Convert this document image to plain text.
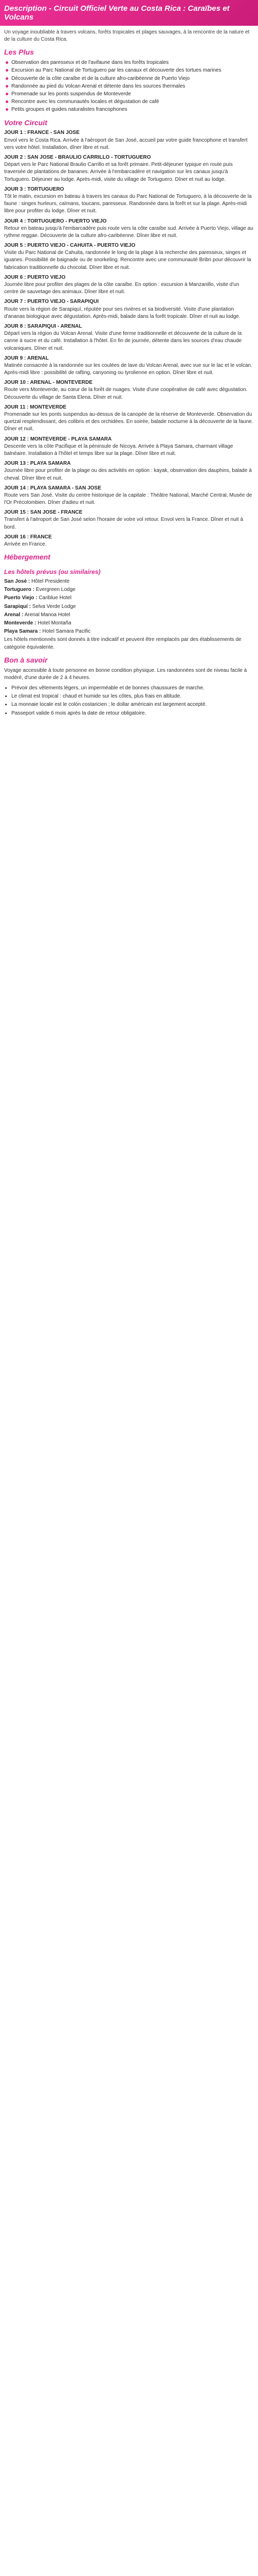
Description - Circuit Officiel Verte au Costa Rica : Caraïbes et Volcans

Un voyage inoubliable à travers volcans, forêts tropicales et plages sauvages, à la rencontre de la nature et de la culture du Costa Rica.

Les Plus
Observation des paresseux et de l'avifaune dans les forêts tropicales
Excursion au Parc National de Tortuguero par les canaux et découverte des tortues marines
Découverte de la côte caraïbe et de la culture afro-caribéenne de Puerto Viejo
Randonnée au pied du Volcan Arenal et détente dans les sources thermales
Promenade sur les ponts suspendus de Monteverde
Rencontre avec les communautés locales et dégustation de café
Petits groupes et guides naturalistes francophones
Votre Circuit

JOUR 1 : FRANCE - SAN JOSE

Envol vers le Costa Rica. Arrivée à l'aéroport de San José, accueil par votre guide francophone et transfert vers votre hôtel. Installation, dîner libre et nuit.

JOUR 2 : SAN JOSE - BRAULIO CARRILLO - TORTUGUERO

Départ vers le Parc National Braulio Carrillo et sa forêt primaire. Petit-déjeuner typique en route puis traversée de plantations de bananes. Arrivée à l'embarcadère et navigation sur les canaux jusqu'à Tortuguero. Déjeuner au lodge. Après-midi, visite du village de Tortuguero. Dîner et nuit au lodge.

JOUR 3 : TORTUGUERO

Tôt le matin, excursion en bateau à travers les canaux du Parc National de Tortuguero, à la découverte de la faune : singes hurleurs, caïmans, toucans, paresseux. Randonnée dans la forêt et sur la plage. Après-midi libre pour profiter du lodge. Dîner et nuit.

JOUR 4 : TORTUGUERO - PUERTO VIEJO

Retour en bateau jusqu'à l'embarcadère puis route vers la côte caraïbe sud. Arrivée à Puerto Viejo, village au rythme reggae. Découverte de la culture afro-caribéenne. Dîner libre et nuit.

JOUR 5 : PUERTO VIEJO - CAHUITA - PUERTO VIEJO

Visite du Parc National de Cahuita, randonnée le long de la plage à la recherche des paresseux, singes et iguanes. Possibilité de baignade ou de snorkeling. Rencontre avec une communauté Bribri pour découvrir la fabrication traditionnelle du chocolat. Dîner libre et nuit.

JOUR 6 : PUERTO VIEJO

Journée libre pour profiter des plages de la côte caraïbe. En option : excursion à Manzanillo, visite d'un centre de sauvetage des animaux. Dîner libre et nuit.

JOUR 7 : PUERTO VIEJO - SARAPIQUI

Route vers la région de Sarapiquí, réputée pour ses rivières et sa biodiversité. Visite d'une plantation d'ananas biologique avec dégustation. Après-midi, balade dans la forêt tropicale. Dîner et nuit au lodge.

JOUR 8 : SARAPIQUI - ARENAL

Départ vers la région du Volcan Arenal. Visite d'une ferme traditionnelle et découverte de la culture de la canne à sucre et du café. Installation à l'hôtel. En fin de journée, détente dans les sources d'eau chaude volcaniques. Dîner et nuit.

JOUR 9 : ARENAL

Matinée consacrée à la randonnée sur les coulées de lave du Volcan Arenal, avec vue sur le lac et le volcan. Après-midi libre : possibilité de rafting, canyoning ou tyrolienne en option. Dîner libre et nuit.

JOUR 10 : ARENAL - MONTEVERDE

Route vers Monteverde, au cœur de la forêt de nuages. Visite d'une coopérative de café avec dégustation. Découverte du village de Santa Elena. Dîner et nuit.

JOUR 11 : MONTEVERDE

Promenade sur les ponts suspendus au-dessus de la canopée de la réserve de Monteverde. Observation du quetzal resplendissant, des colibris et des orchidées. En soirée, balade nocturne à la découverte de la faune. Dîner et nuit.

JOUR 12 : MONTEVERDE - PLAYA SAMARA

Descente vers la côte Pacifique et la péninsule de Nicoya. Arrivée à Playa Samara, charmant village balnéaire. Installation à l'hôtel et temps libre sur la plage. Dîner libre et nuit.

JOUR 13 : PLAYA SAMARA

Journée libre pour profiter de la plage ou des activités en option : kayak, observation des dauphins, balade à cheval. Dîner libre et nuit.

JOUR 14 : PLAYA SAMARA - SAN JOSE

Route vers San José. Visite du centre historique de la capitale : Théâtre National, Marché Central, Musée de l'Or Précolombien. Dîner d'adieu et nuit.

JOUR 15 : SAN JOSE - FRANCE

Transfert à l'aéroport de San José selon l'horaire de votre vol retour. Envol vers la France. Dîner et nuit à bord.

JOUR 16 : FRANCE

Arrivée en France.

Hébergement
Les hôtels prévus (ou similaires)

San José : Hôtel Presidente

Tortuguero : Evergreen Lodge

Puerto Viejo : Cariblue Hotel

Sarapiquí : Selva Verde Lodge

Arenal : Arenal Manoa Hotel

Monteverde : Hotel Montaña

Playa Samara : Hotel Samara Pacific

Les hôtels mentionnés sont donnés à titre indicatif et peuvent être remplacés par des établissements de catégorie équivalente.

Bon à savoir

Voyage accessible à toute personne en bonne condition physique. Les randonnées sont de niveau facile à modéré, d'une durée de 2 à 4 heures.

• Prévoir des vêtements légers, un imperméable et de bonnes chaussures de marche.
• Le climat est tropical : chaud et humide sur les côtes, plus frais en altitude.
• La monnaie locale est le colón costaricien ; le dollar américain est largement accepté.
• Passeport valide 6 mois après la date de retour obligatoire.
